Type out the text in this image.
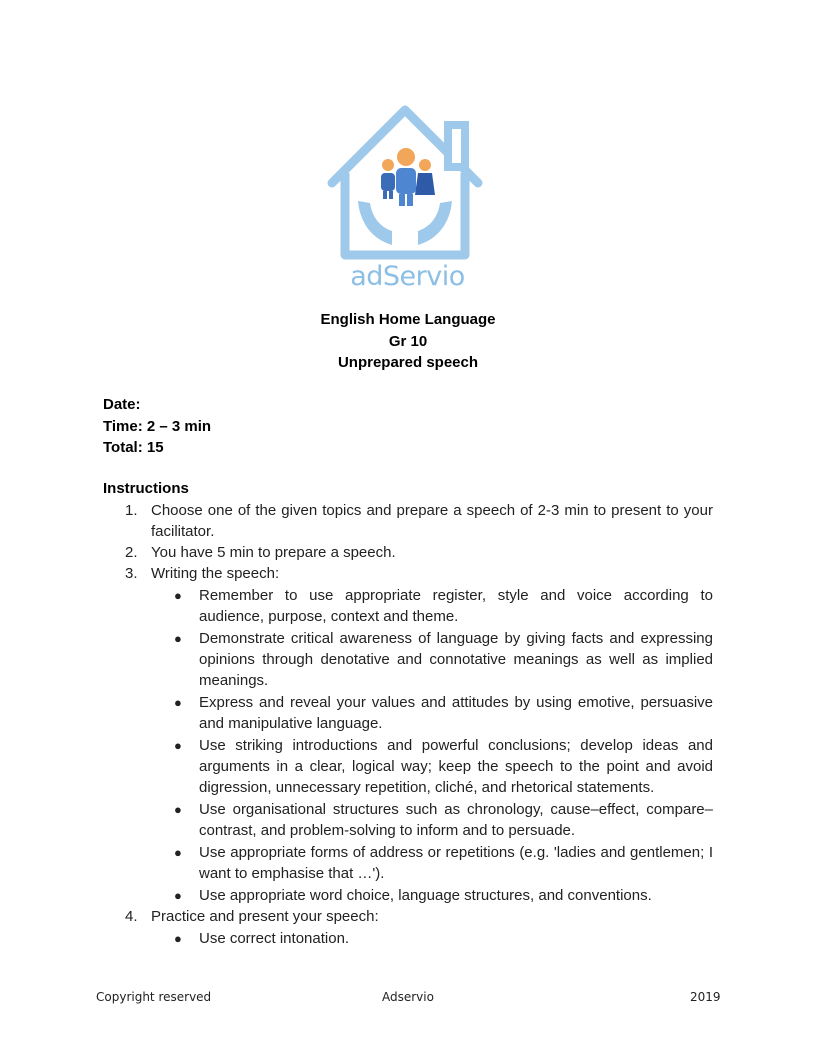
adServio
English Home Language
Gr 10
Unprepared speech
Date:
Time: 2 – 3 min
Total: 15
Instructions
1. Choose one of the given topics and prepare a speech of 2-3 min to present to your facilitator.
2. You have 5 min to prepare a speech.
3. Writing the speech:
● Remember to use appropriate register, style and voice according to audience, purpose, context and theme.
● Demonstrate critical awareness of language by giving facts and expressing opinions through denotative and connotative meanings as well as implied meanings.
● Express and reveal your values and attitudes by using emotive, persuasive and manipulative language.
● Use striking introductions and powerful conclusions; develop ideas and arguments in a clear, logical way; keep the speech to the point and avoid digression, unnecessary repetition, cliché, and rhetorical statements.
● Use organisational structures such as chronology, cause–effect, compare–contrast, and problem-solving to inform and to persuade.
● Use appropriate forms of address or repetitions (e.g. 'ladies and gentlemen; I want to emphasise that …').
● Use appropriate word choice, language structures, and conventions.
4. Practice and present your speech:
● Use correct intonation.
Copyright reserved	Adservio	2019
